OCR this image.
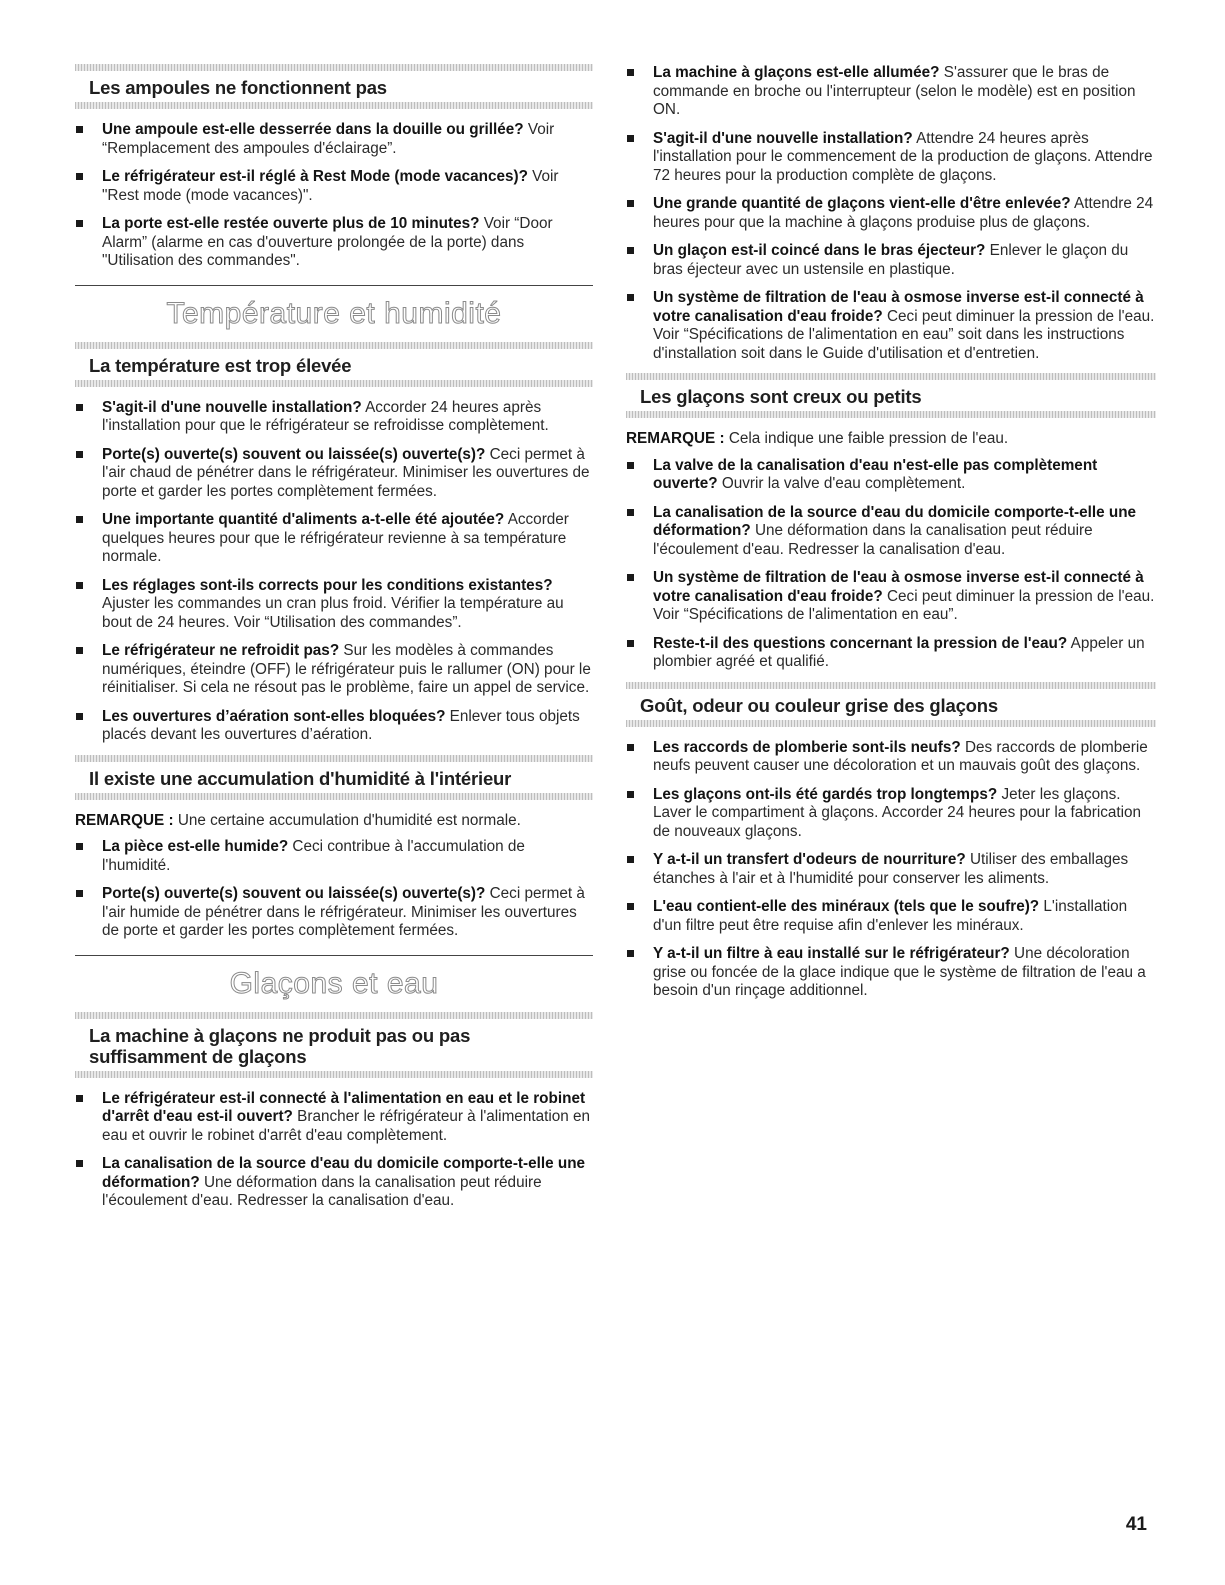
Les ampoules ne fonctionnent pas
Une ampoule est-elle desserrée dans la douille ou grillée? Voir “Remplacement des ampoules d'éclairage”.
Le réfrigérateur est-il réglé à Rest Mode (mode vacances)? Voir "Rest mode (mode vacances)".
La porte est-elle restée ouverte plus de 10 minutes? Voir “Door Alarm” (alarme en cas d'ouverture prolongée de la porte) dans "Utilisation des commandes".
Température et humidité
La température est trop élevée
S'agit-il d'une nouvelle installation? Accorder 24 heures après l'installation pour que le réfrigérateur se refroidisse complètement.
Porte(s) ouverte(s) souvent ou laissée(s) ouverte(s)? Ceci permet à l'air chaud de pénétrer dans le réfrigérateur. Minimiser les ouvertures de porte et garder les portes complètement fermées.
Une importante quantité d'aliments a-t-elle été ajoutée? Accorder quelques heures pour que le réfrigérateur revienne à sa température normale.
Les réglages sont-ils corrects pour les conditions existantes? Ajuster les commandes un cran plus froid. Vérifier la température au bout de 24 heures. Voir “Utilisation des commandes”.
Le réfrigérateur ne refroidit pas? Sur les modèles à commandes numériques, éteindre (OFF) le réfrigérateur puis le rallumer (ON) pour le réinitialiser. Si cela ne résout pas le problème, faire un appel de service.
Les ouvertures d’aération sont-elles bloquées? Enlever tous objets placés devant les ouvertures d’aération.
Il existe une accumulation d'humidité à l'intérieur

REMARQUE : Une certaine accumulation d'humidité est normale.

La pièce est-elle humide? Ceci contribue à l'accumulation de l'humidité.
Porte(s) ouverte(s) souvent ou laissée(s) ouverte(s)? Ceci permet à l'air humide de pénétrer dans le réfrigérateur. Minimiser les ouvertures de porte et garder les portes complètement fermées.
Glaçons et eau
La machine à glaçons ne produit pas ou pas suffisamment de glaçons
Le réfrigérateur est-il connecté à l'alimentation en eau et le robinet d'arrêt d'eau est-il ouvert? Brancher le réfrigérateur à l'alimentation en eau et ouvrir le robinet d'arrêt d'eau complètement.
La canalisation de la source d'eau du domicile comporte-t-elle une déformation? Une déformation dans la canalisation peut réduire l'écoulement d'eau. Redresser la canalisation d'eau.
La machine à glaçons est-elle allumée? S'assurer que le bras de commande en broche ou l'interrupteur (selon le modèle) est en position ON.
S'agit-il d'une nouvelle installation? Attendre 24 heures après l'installation pour le commencement de la production de glaçons. Attendre 72 heures pour la production complète de glaçons.
Une grande quantité de glaçons vient-elle d'être enlevée? Attendre 24 heures pour que la machine à glaçons produise plus de glaçons.
Un glaçon est-il coincé dans le bras éjecteur? Enlever le glaçon du bras éjecteur avec un ustensile en plastique.
Un système de filtration de l'eau à osmose inverse est-il connecté à votre canalisation d'eau froide? Ceci peut diminuer la pression de l'eau. Voir “Spécifications de l'alimentation en eau” soit dans les instructions d'installation soit dans le Guide d'utilisation et d'entretien.
Les glaçons sont creux ou petits

REMARQUE : Cela indique une faible pression de l'eau.

La valve de la canalisation d'eau n'est-elle pas complètement ouverte? Ouvrir la valve d'eau complètement.
La canalisation de la source d'eau du domicile comporte-t-elle une déformation? Une déformation dans la canalisation peut réduire l'écoulement d'eau. Redresser la canalisation d'eau.
Un système de filtration de l'eau à osmose inverse est-il connecté à votre canalisation d'eau froide? Ceci peut diminuer la pression de l'eau. Voir “Spécifications de l'alimentation en eau”.
Reste-t-il des questions concernant la pression de l'eau? Appeler un plombier agréé et qualifié.
Goût, odeur ou couleur grise des glaçons
Les raccords de plomberie sont-ils neufs? Des raccords de plomberie neufs peuvent causer une décoloration et un mauvais goût des glaçons.
Les glaçons ont-ils été gardés trop longtemps? Jeter les glaçons. Laver le compartiment à glaçons. Accorder 24 heures pour la fabrication de nouveaux glaçons.
Y a-t-il un transfert d'odeurs de nourriture? Utiliser des emballages étanches à l'air et à l'humidité pour conserver les aliments.
L'eau contient-elle des minéraux (tels que le soufre)? L'installation d'un filtre peut être requise afin d'enlever les minéraux.
Y a-t-il un filtre à eau installé sur le réfrigérateur? Une décoloration grise ou foncée de la glace indique que le système de filtration de l'eau a besoin d'un rinçage additionnel.
41
